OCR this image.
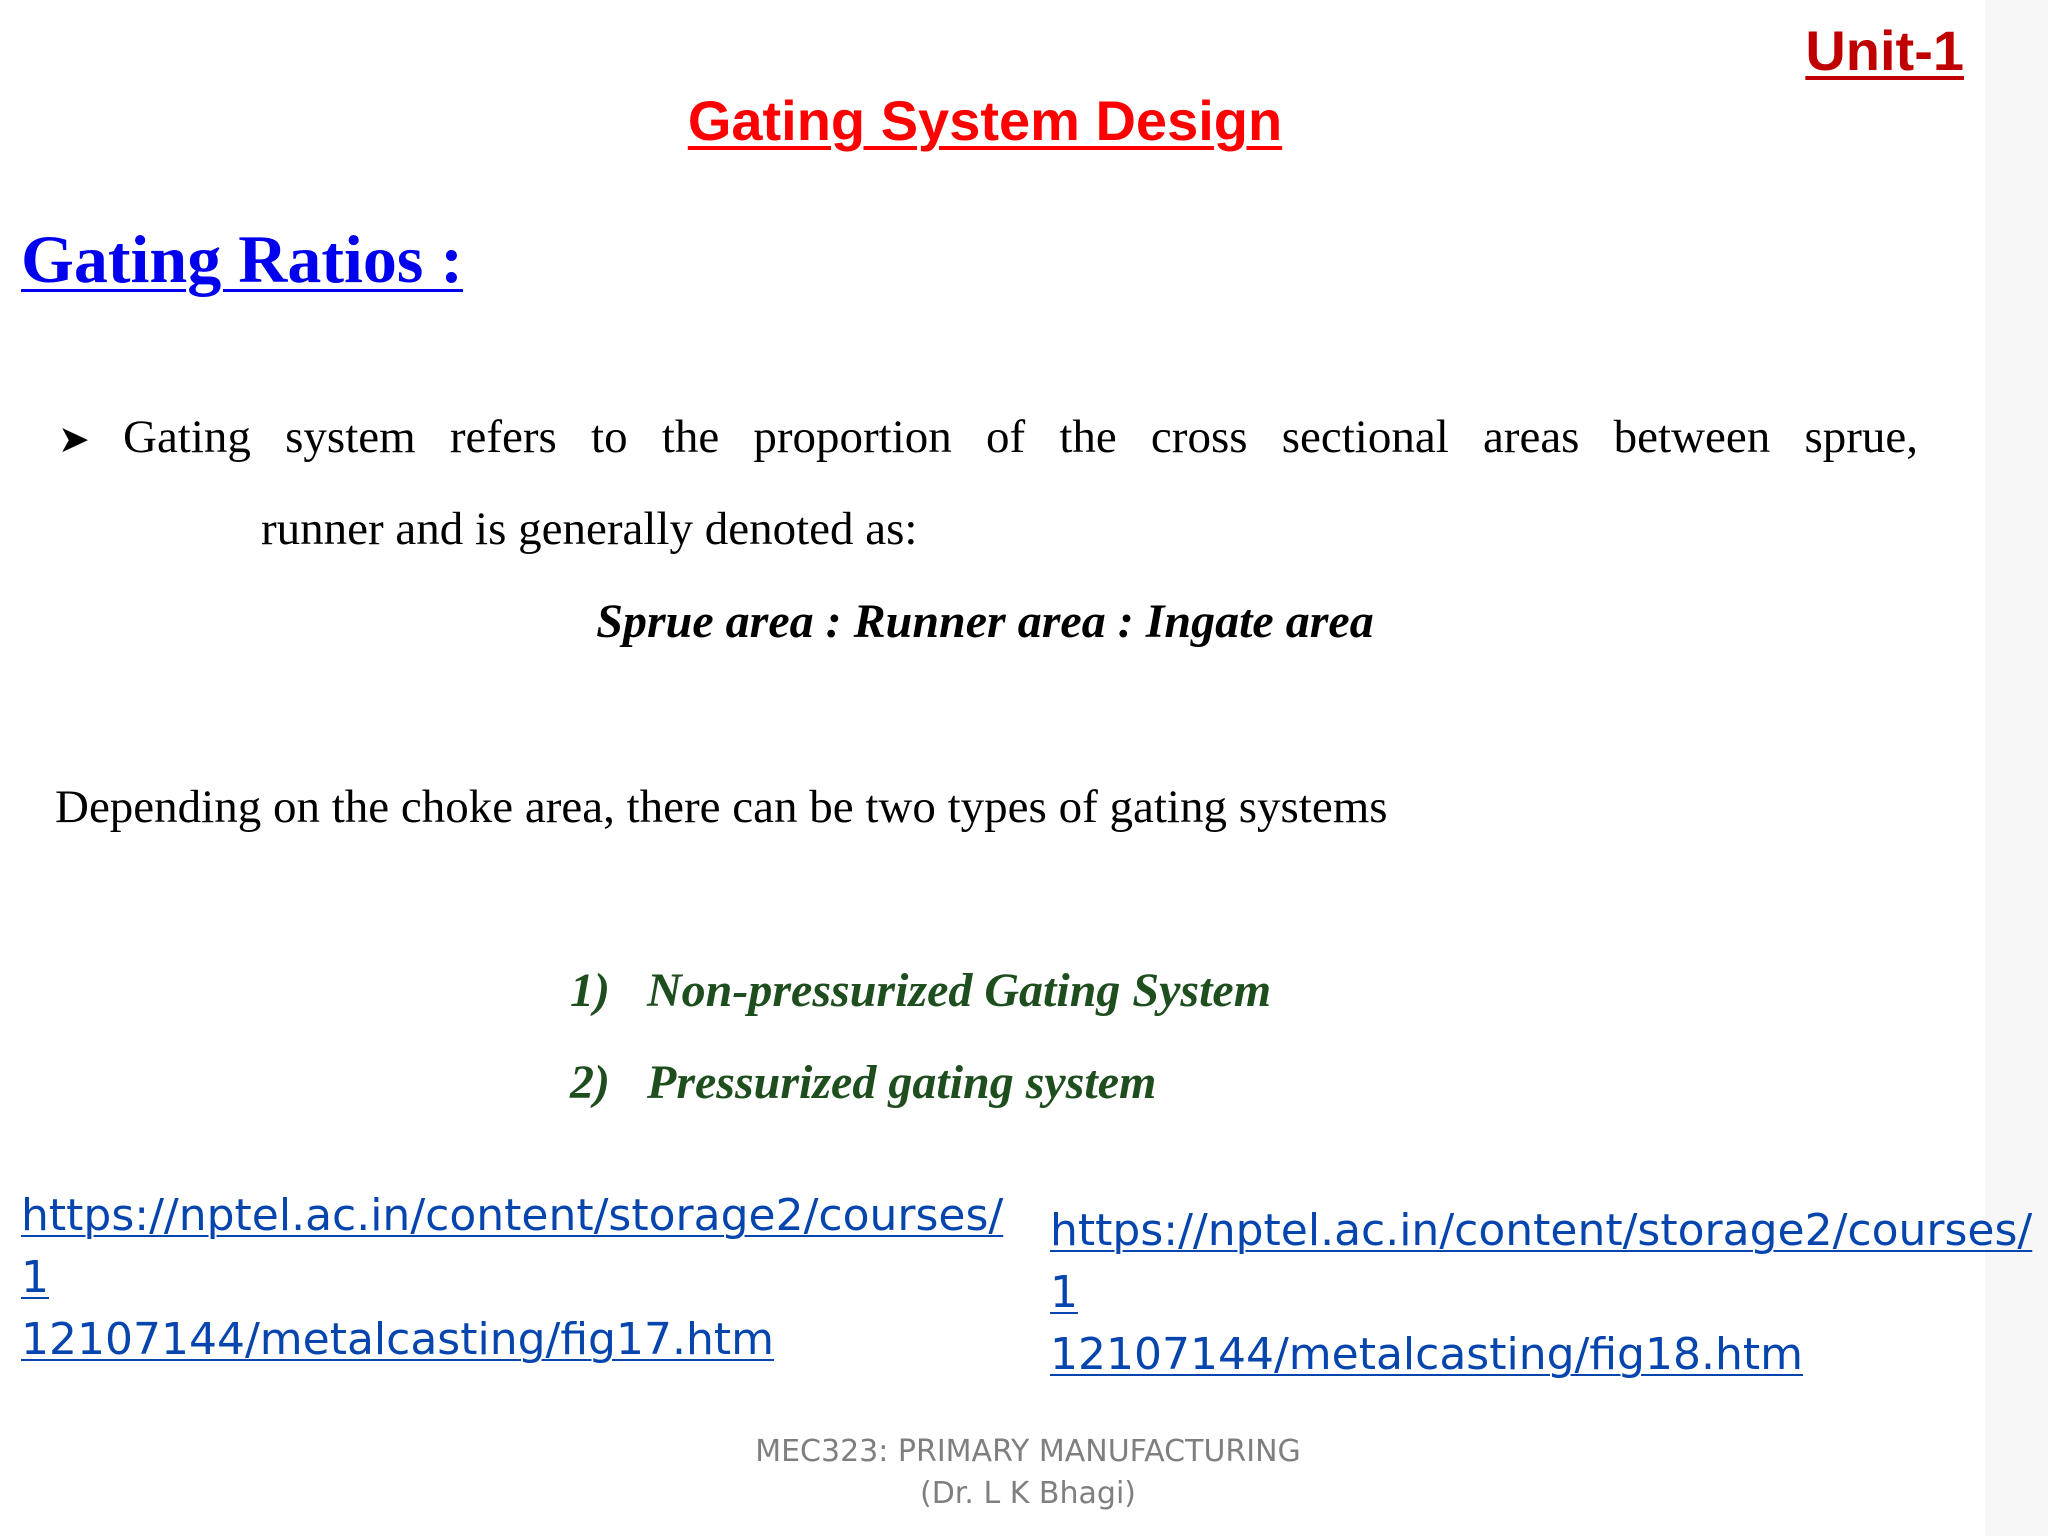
Unit-1
Gating System Design
Gating Ratios :
➤ Gating system refers to the proportion of the cross sectional areas between sprue,
runner and is generally denoted as:
Sprue area : Runner area : Ingate area
Depending on the choke area, there can be two types of gating systems
1) Non-pressurized Gating System
2) Pressurized gating system
https://nptel.ac.in/content/storage2/courses/1
12107144/metalcasting/fig17.htm
https://nptel.ac.in/content/storage2/courses/1
12107144/metalcasting/fig18.htm
MEC323: PRIMARY MANUFACTURING
(Dr. L K Bhagi)
